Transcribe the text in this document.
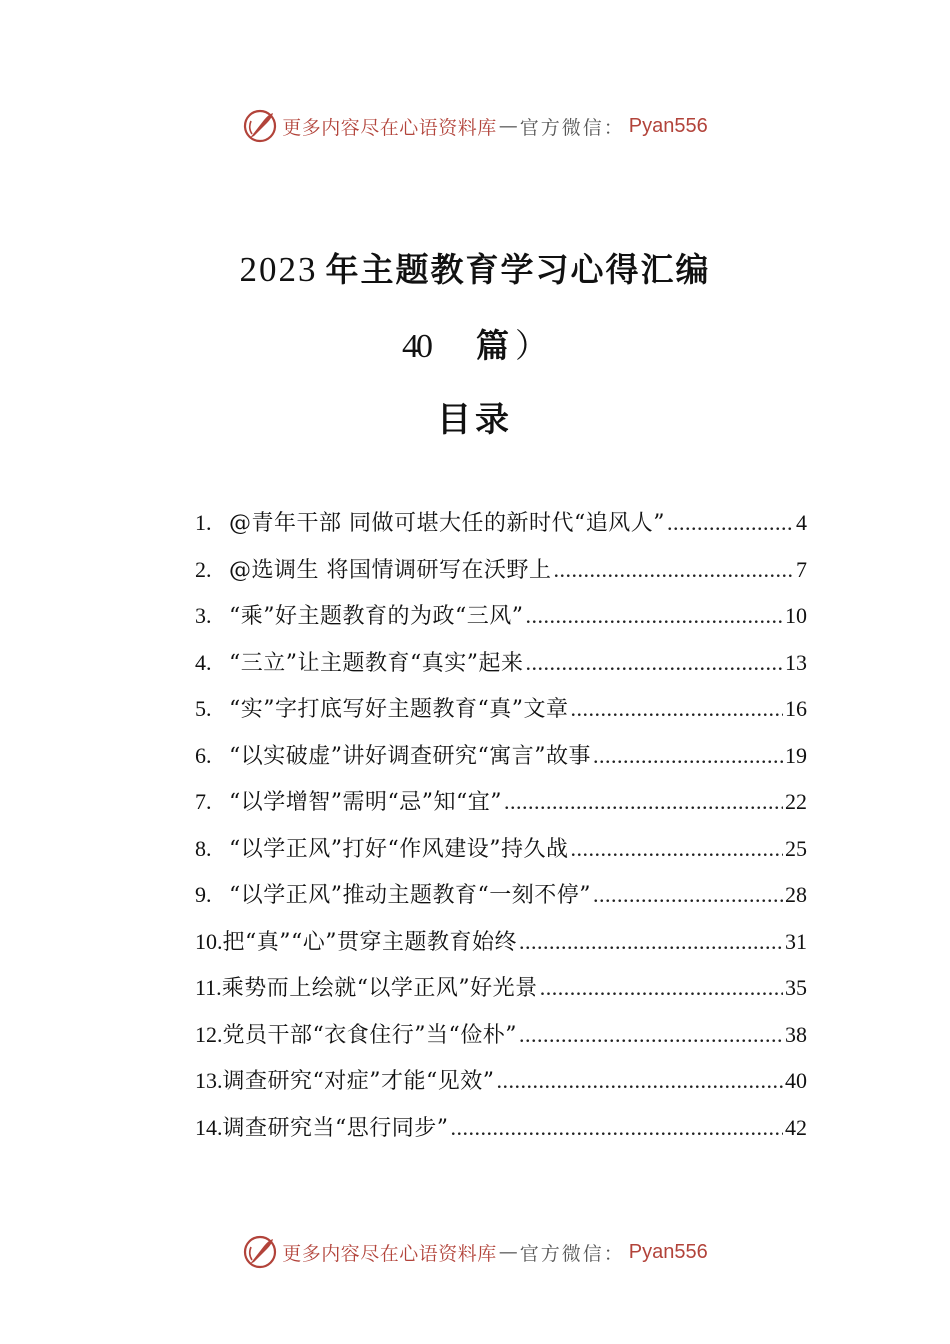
更多内容尽在心语资料库 — 官方微信： Pyan556
2023 年主题教育学习心得汇编
40 篇 ）
目录
1. @青年干部 同做可堪大任的新时代“追风人” .....	4
2. @选调生 将国情调研写在沃野上 .....	7
3. “乘”好主题教育的为政“三风” .....	10
4. “三立”让主题教育“真实”起来 .....	13
5. “实”字打底写好主题教育“真”文章 .....	16
6. “以实破虚”讲好调查研究“寓言”故事 .....	19
7. “以学增智”需明“忌”知“宜” .....	22
8. “以学正风”打好“作风建设”持久战 .....	25
9. “以学正风”推动主题教育“一刻不停” .....	28
10. 把“真”“心”贯穿主题教育始终 .....	31
11. 乘势而上绘就“以学正风”好光景 .....	35
12. 党员干部“衣食住行”当“俭朴” .....	38
13. 调查研究“对症”才能“见效” .....	40
14. 调查研究当“思行同步” .....	42
更多内容尽在心语资料库 — 官方微信： Pyan556
